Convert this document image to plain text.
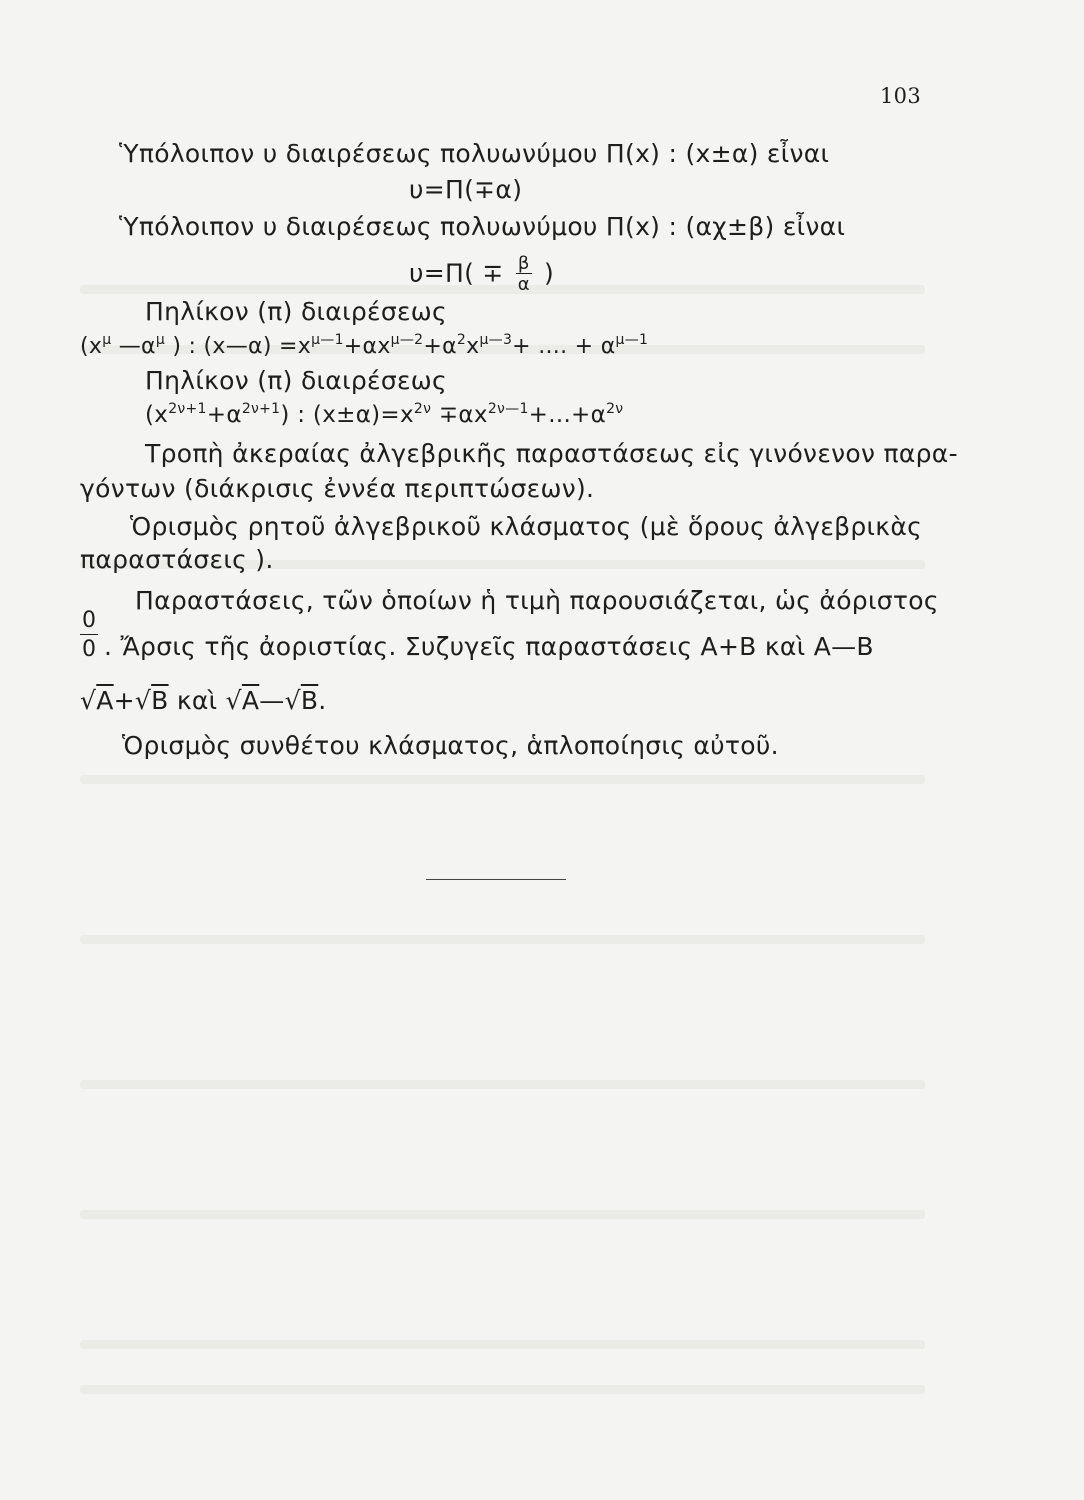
103
Ὑπόλοιπον υ διαιρέσεως πολυωνύμου Π(x) : (x±α) εἶναι
υ=Π(∓α)
Ὑπόλοιπον υ διαιρέσεως πολυωνύμου Π(x) : (αχ±β) εἶναι
$\upsilon=\Pi( \mp \frac{\beta}{\alpha}$ )
Πηλίκον (π) διαιρέσεως
($x^\mu$ $—\alpha^\mu$ ) : (x—α) $=x^{\mu—1}+\alpha x^{\mu—2}+\alpha^2x^{\mu—3}+$ .... + $\alpha^{\mu—1}$
Πηλίκον (π) διαιρέσεως
$(x^{2\nu+1}+\alpha^{2\nu+1})$ : $(x\pm\alpha)=x^{2\nu} \mp\alpha x^{2\nu—1}+...+\alpha^{2\nu}$
Τροπὴ ἀκεραίας ἀλγεβρικῆς παραστάσεως εἰς γινόνενον παρα-
γόντων (διάκρισις ἐννέα περιπτώσεων).
Ὁρισμὸς ρητοῦ ἀλγεβρικοῦ κλάσματος (μὲ ὅρους ἀλγεβρικὰς
παραστάσεις ).
Παραστάσεις, τῶν ὁποίων ἡ τιμὴ παρουσιάζεται, ὡς ἀόριστος
$\frac{0}{0}$ . Ἄρσις τῆς ἀοριστίας. Συζυγεῖς παραστάσεις Α+Β καὶ Α—Β
√Α+√Β καὶ √Α—√Β.
Ὁρισμὸς συνθέτου κλάσματος, ἁπλοποίησις αὐτοῦ.
